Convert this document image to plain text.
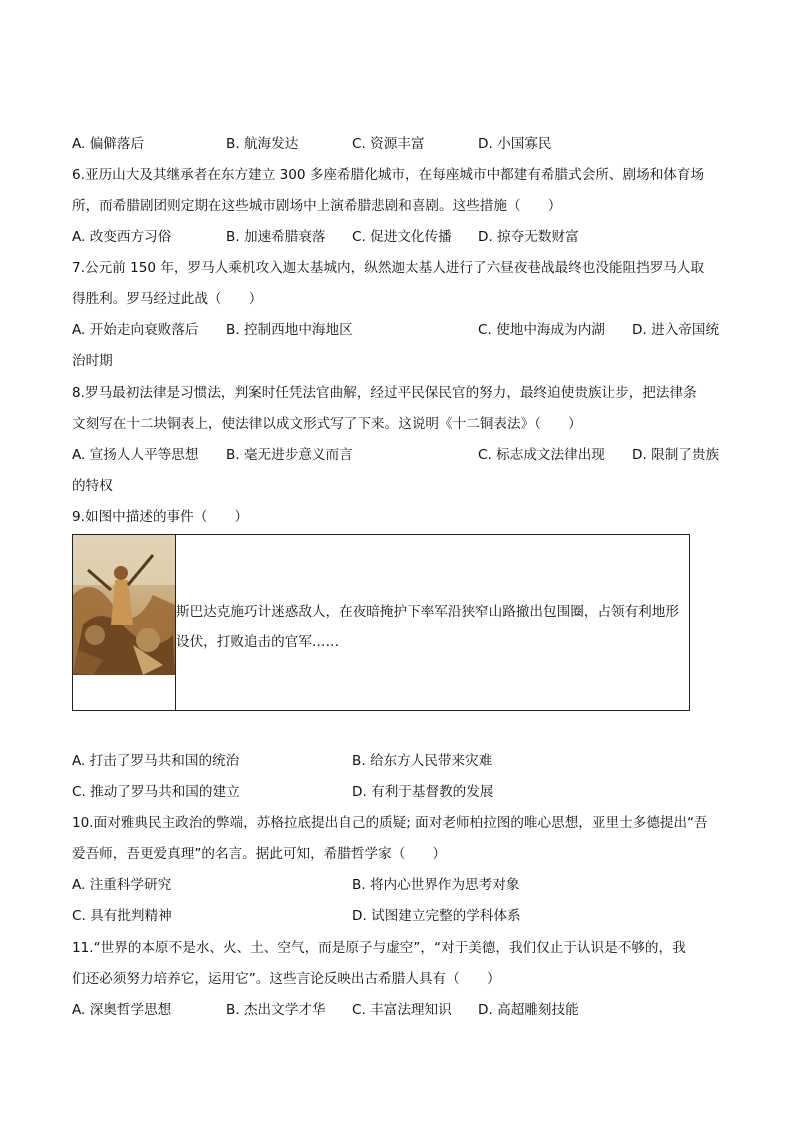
A. 偏僻落后	B. 航海发达	C. 资源丰富	D. 小国寡民
6.亚历山大及其继承者在东方建立 300 多座希腊化城市，在每座城市中都建有希腊式会所、剧场和体育场
所，而希腊剧团则定期在这些城市剧场中上演希腊悲剧和喜剧。这些措施（　　）
A. 改变西方习俗	B. 加速希腊衰落 C. 促进文化传播 D. 掠夺无数财富
7.公元前 150 年，罗马人乘机攻入迦太基城内，纵然迦太基人进行了六昼夜巷战最终也没能阻挡罗马人取
得胜利。罗马经过此战（　　）
A. 开始走向衰败落后 B. 控制西地中海地区	C. 使地中海成为内湖 D. 进入帝国统
治时期
8.罗马最初法律是习惯法，判案时任凭法官曲解，经过平民保民官的努力，最终迫使贵族让步，把法律条
文刻写在十二块铜表上，使法律以成文形式写了下来。这说明《十二铜表法》（　　）
A. 宣扬人人平等思想 B. 毫无进步意义而言	C. 标志成文法律出现 D. 限制了贵族
的特权
9.如图中描述的事件（　　）
斯巴达克施巧计迷惑敌人，在夜暗掩护下率军沿狭窄山路撤出包围圈，占领有利地形设伏，打败追击的官军……
A. 打击了罗马共和国的统治	B. 给东方人民带来灾难
C. 推动了罗马共和国的建立	D. 有利于基督教的发展
10.面对雅典民主政治的弊端，苏格拉底提出自己的质疑; 面对老师柏拉图的唯心思想，亚里士多德提出“吾
爱吾师，吾更爱真理”的名言。据此可知，希腊哲学家（　　）
A. 注重科学研究	B. 将内心世界作为思考对象
C. 具有批判精神	D. 试图建立完整的学科体系
11.“世界的本原不是水、火、土、空气，而是原子与虚空”，“对于美德，我们仅止于认识是不够的，我
们还必须努力培养它，运用它”。这些言论反映出古希腊人具有（　　）
A. 深奥哲学思想	B. 杰出文学才华 C. 丰富法理知识 D. 高超雕刻技能
